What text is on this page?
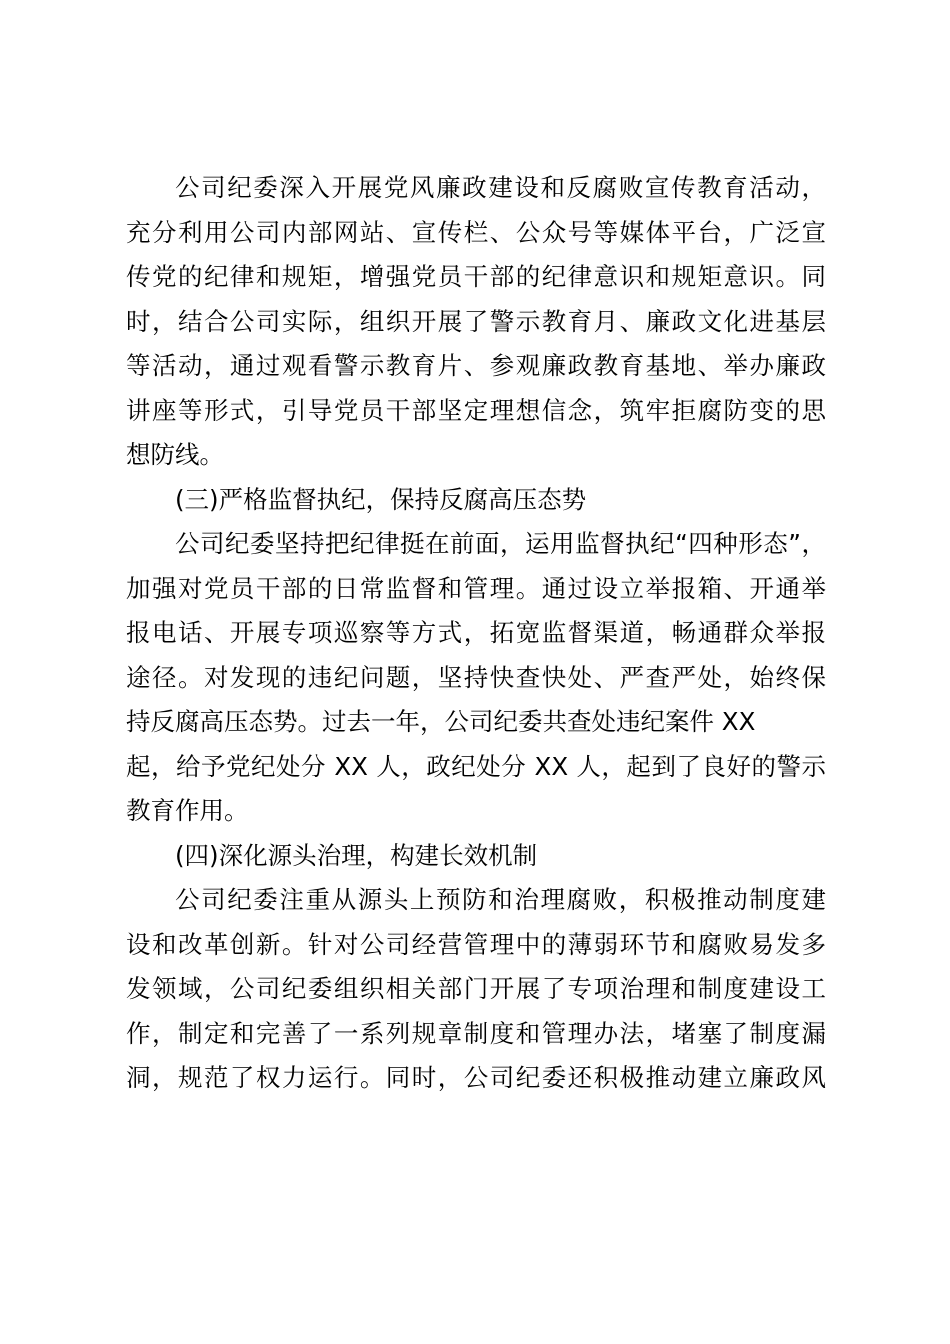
公司纪委深入开展党风廉政建设和反腐败宣传教育活动，
充分利用公司内部网站、宣传栏、公众号等媒体平台，广泛宣
传党的纪律和规矩，增强党员干部的纪律意识和规矩意识。同
时，结合公司实际，组织开展了警示教育月、廉政文化进基层
等活动，通过观看警示教育片、参观廉政教育基地、举办廉政
讲座等形式，引导党员干部坚定理想信念，筑牢拒腐防变的思
想防线。
(三)严格监督执纪，保持反腐高压态势
公司纪委坚持把纪律挺在前面，运用监督执纪“四种形态”，
加强对党员干部的日常监督和管理。通过设立举报箱、开通举
报电话、开展专项巡察等方式，拓宽监督渠道，畅通群众举报
途径。对发现的违纪问题，坚持快查快处、严查严处，始终保
持反腐高压态势。过去一年，公司纪委共查处违纪案件 XX
起，给予党纪处分 XX 人，政纪处分 XX 人，起到了良好的警示
教育作用。
(四)深化源头治理，构建长效机制
公司纪委注重从源头上预防和治理腐败，积极推动制度建
设和改革创新。针对公司经营管理中的薄弱环节和腐败易发多
发领域，公司纪委组织相关部门开展了专项治理和制度建设工
作，制定和完善了一系列规章制度和管理办法，堵塞了制度漏
洞，规范了权力运行。同时，公司纪委还积极推动建立廉政风
